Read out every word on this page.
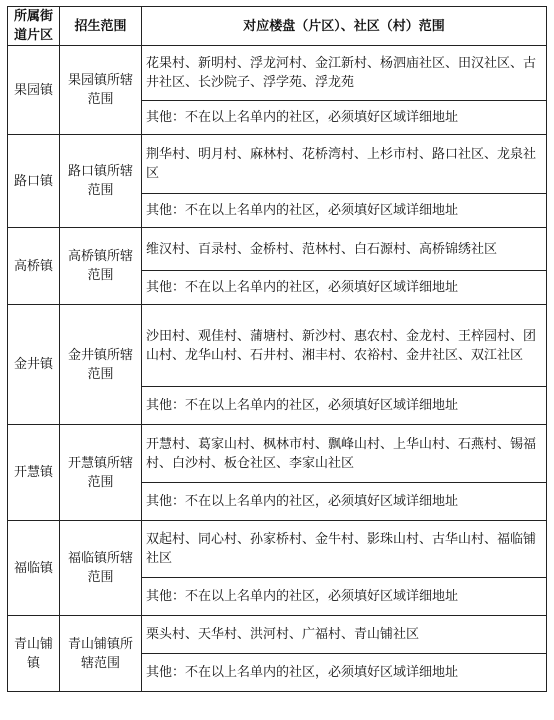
所属街道片区	招生范围	对应楼盘（片区）、社区（村）范围
果园镇	果园镇所辖范围	花果村、新明村、浮龙河村、金江新村、杨泗庙社区、田汉社区、古井社区、长沙院子、浮学苑、浮龙苑
		其他：不在以上名单内的社区，必须填好区域详细地址
路口镇	路口镇所辖范围	荆华村、明月村、麻林村、花桥湾村、上杉市村、路口社区、龙泉社区
		其他：不在以上名单内的社区，必须填好区域详细地址
高桥镇	高桥镇所辖范围	维汉村、百录村、金桥村、范林村、白石源村、高桥锦绣社区
		其他：不在以上名单内的社区，必须填好区域详细地址
金井镇	金井镇所辖范围	沙田村、观佳村、蒲塘村、新沙村、惠农村、金龙村、王梓园村、团山村、龙华山村、石井村、湘丰村、农裕村、金井社区、双江社区
		其他：不在以上名单内的社区，必须填好区域详细地址
开慧镇	开慧镇所辖范围	开慧村、葛家山村、枫林市村、飘峰山村、上华山村、石燕村、锡福村、白沙村、板仓社区、李家山社区
		其他：不在以上名单内的社区，必须填好区域详细地址
福临镇	福临镇所辖范围	双起村、同心村、孙家桥村、金牛村、影珠山村、古华山村、福临铺社区
		其他：不在以上名单内的社区，必须填好区域详细地址
青山铺镇	青山铺镇所辖范围	栗头村、天华村、洪河村、广福村、青山铺社区
		其他：不在以上名单内的社区，必须填好区域详细地址
